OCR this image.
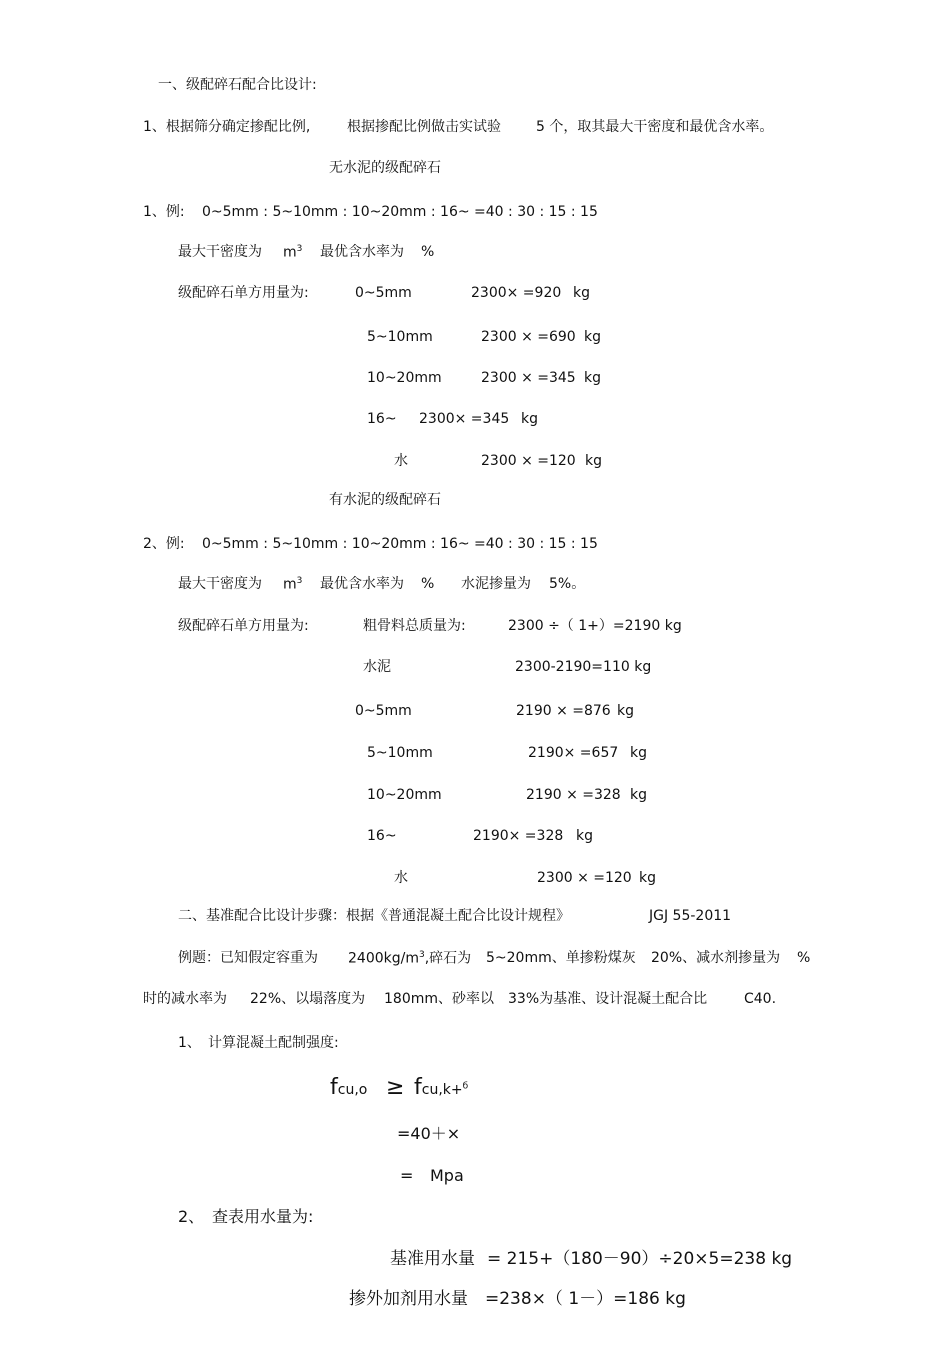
一、级配碎石配合比设计:
1、根据筛分确定掺配比例,	根据掺配比例做击实试验	5 个，取其最大干密度和最优含水率。
无水泥的级配碎石
1、例: 0~5mm : 5~10mm : 10~20mm : 16~ =40 : 30 : 15 : 15
最大干密度为 $m^3$ 最优含水率为 %
级配碎石单方用量为:	0~5mm	2300× =920 kg
5~10mm	2300 × =690 kg
10~20mm	2300 × =345 kg
16~ 2300× =345 kg
水	2300 × =120 kg
有水泥的级配碎石
2、例: 0~5mm : 5~10mm : 10~20mm : 16~ =40 : 30 : 15 : 15
最大干密度为 $m^3$ 最优含水率为 % 水泥掺量为 5%。
级配碎石单方用量为:	粗骨料总质量为:	2300 ÷（ 1+）=2190 kg
水泥	2300-2190=110 kg
0~5mm	2190 × =876 kg
5~10mm	2190× =657 kg
10~20mm	2190 × =328 kg
16~	2190× =328 kg
水	2300 × =120 kg
二、基准配合比设计步骤：根据《普通混凝土配合比设计规程》	JGJ 55-2011
例题：已知假定容重为 $2400kg/m^3$,碎石为 5~20mm、单掺粉煤灰 20%、减水剂掺量为 %
时的减水率为 22%、以塌落度为 180mm、砂率以 33%为基准、设计混凝土配合比	C40.
1、 计算混凝土配制强度:
fcu,o ≥ fcu,k+$^б$
=40＋×
= Mpa
2、 查表用水量为:
基准用水量 = 215+（180－90）÷20×5=238 kg
掺外加剂用水量 =238×（ 1－）=186 kg
